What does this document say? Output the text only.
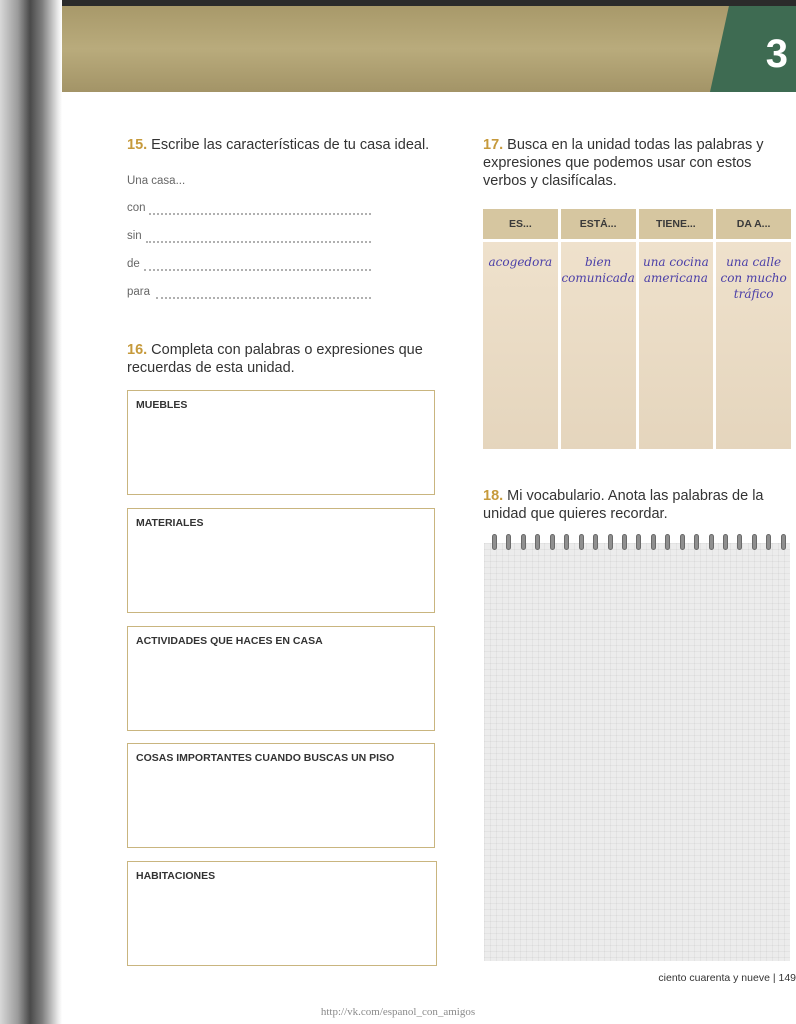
3
15. Escribe las características de tu casa ideal.
Una casa...
con
sin
de
para
16. Completa con palabras o expresiones que
recuerdas de esta unidad.
MUEBLES
MATERIALES
ACTIVIDADES QUE HACES EN CASA
COSAS IMPORTANTES CUANDO BUSCAS UN PISO
HABITACIONES
17. Busca en la unidad todas las palabras y
expresiones que podemos usar con estos
verbos y clasifícalas.
ES...
acogedora
ESTÁ...
bien
comunicada
TIENE...
una cocina
americana
DA A...
una calle
con mucho
tráfico
18. Mi vocabulario. Anota las palabras de la
unidad que quieres recordar.
ciento cuarenta y nueve | 149
http://vk.com/espanol_con_amigos
